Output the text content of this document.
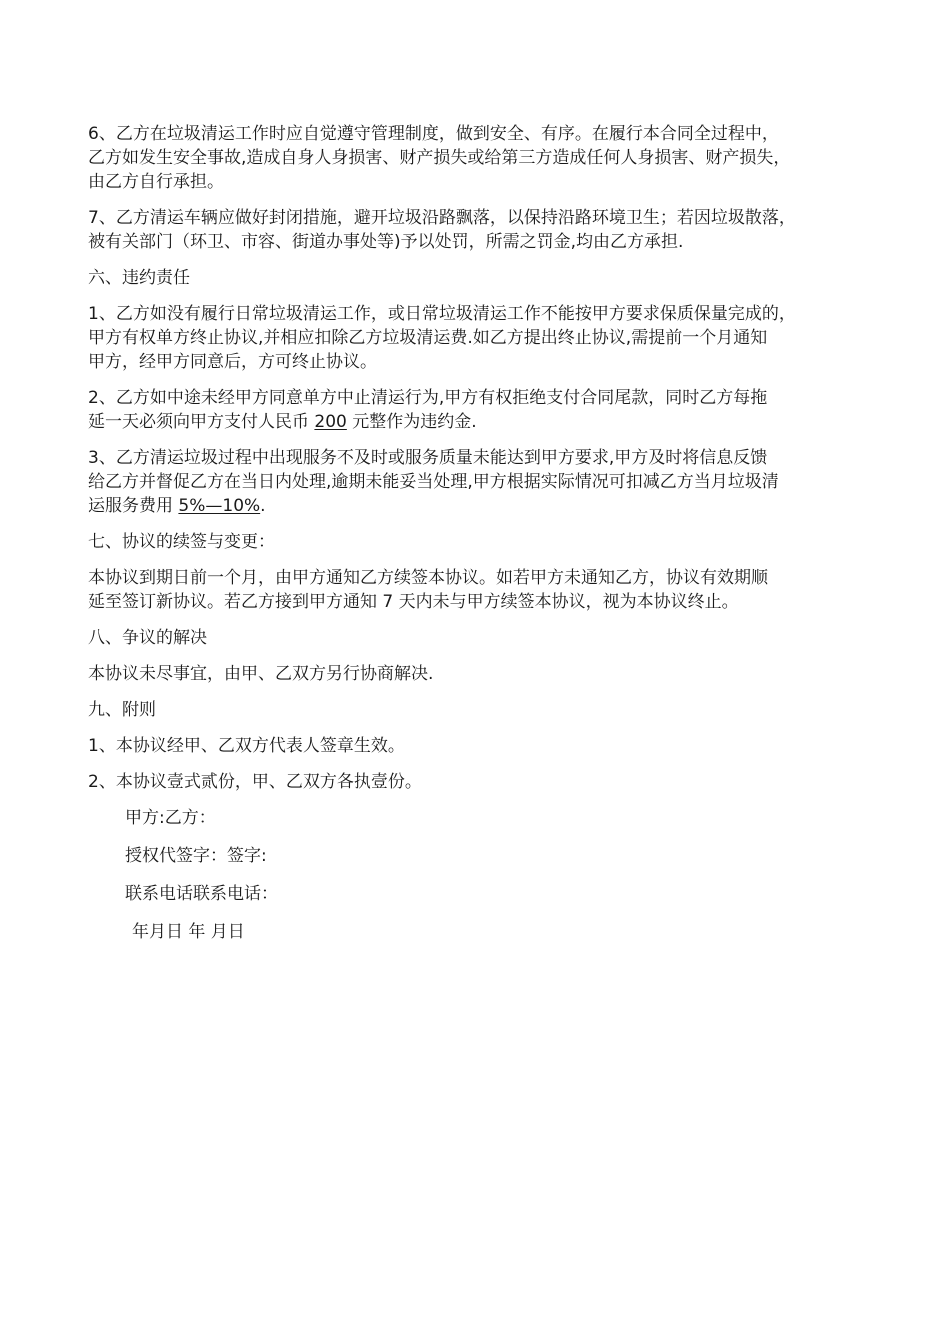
6、乙方在垃圾清运工作时应自觉遵守管理制度，做到安全、有序。在履行本合同全过程中，
乙方如发生安全事故,造成自身人身损害、财产损失或给第三方造成任何人身损害、财产损失，
由乙方自行承担。
7、乙方清运车辆应做好封闭措施，避开垃圾沿路飘落，以保持沿路环境卫生；若因垃圾散落，
被有关部门（环卫、市容、街道办事处等)予以处罚，所需之罚金,均由乙方承担.
六、违约责任
1、乙方如没有履行日常垃圾清运工作，或日常垃圾清运工作不能按甲方要求保质保量完成的，
甲方有权单方终止协议,并相应扣除乙方垃圾清运费.如乙方提出终止协议,需提前一个月通知
甲方，经甲方同意后，方可终止协议。
2、乙方如中途未经甲方同意单方中止清运行为,甲方有权拒绝支付合同尾款，同时乙方每拖
延一天必须向甲方支付人民币 200 元整作为违约金.
3、乙方清运垃圾过程中出现服务不及时或服务质量未能达到甲方要求,甲方及时将信息反馈
给乙方并督促乙方在当日内处理,逾期未能妥当处理,甲方根据实际情况可扣减乙方当月垃圾清
运服务费用 5%—10%.
七、协议的续签与变更：
本协议到期日前一个月，由甲方通知乙方续签本协议。如若甲方未通知乙方，协议有效期顺
延至签订新协议。若乙方接到甲方通知 7 天内未与甲方续签本协议，视为本协议终止。
八、争议的解决
本协议未尽事宜，由甲、乙双方另行协商解决.
九、附则
1、本协议经甲、乙双方代表人签章生效。
2、本协议壹式贰份，甲、乙双方各执壹份。
甲方:乙方：
授权代签字：签字:
联系电话联系电话：
年月日 年 月日
